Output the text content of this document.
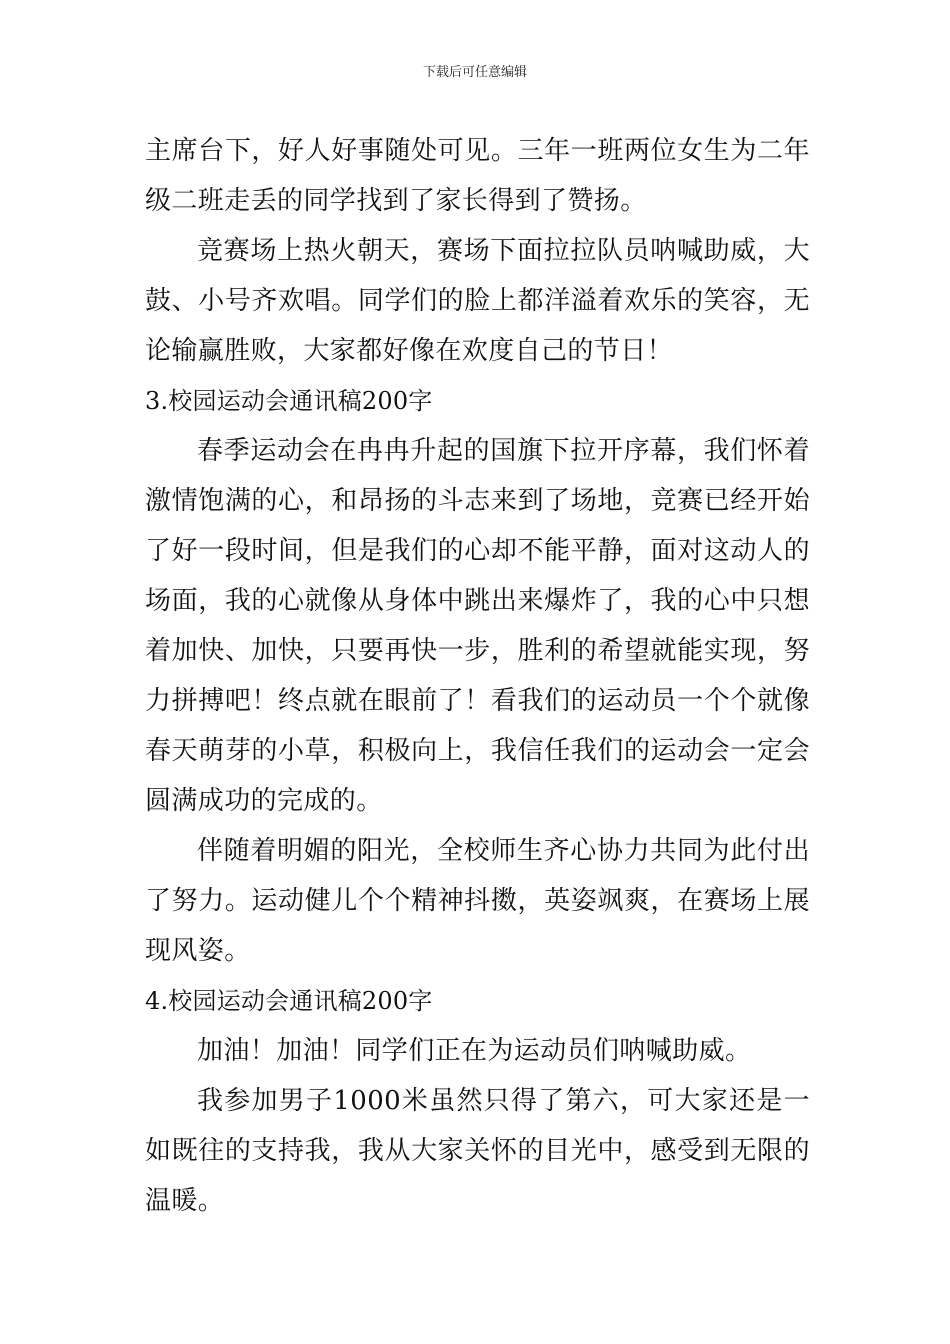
下载后可任意编辑

主席台下，好人好事随处可见。三年一班两位女生为二年级二班走丢的同学找到了家长得到了赞扬。

竞赛场上热火朝天，赛场下面拉拉队员呐喊助威，大鼓、小号齐欢唱。同学们的脸上都洋溢着欢乐的笑容，无论输赢胜败，大家都好像在欢度自己的节日！

3.校园运动会通讯稿200字

春季运动会在冉冉升起的国旗下拉开序幕，我们怀着激情饱满的心，和昂扬的斗志来到了场地，竞赛已经开始了好一段时间，但是我们的心却不能平静，面对这动人的场面，我的心就像从身体中跳出来爆炸了，我的心中只想着加快、加快，只要再快一步，胜利的希望就能实现，努力拼搏吧！终点就在眼前了！看我们的运动员一个个就像春天萌芽的小草，积极向上，我信任我们的运动会一定会圆满成功的完成的。

伴随着明媚的阳光，全校师生齐心协力共同为此付出了努力。运动健儿个个精神抖擞，英姿飒爽，在赛场上展现风姿。

4.校园运动会通讯稿200字

加油！加油！同学们正在为运动员们呐喊助威。

我参加男子1000米虽然只得了第六，可大家还是一如既往的支持我，我从大家关怀的目光中，感受到无限的温暖。
